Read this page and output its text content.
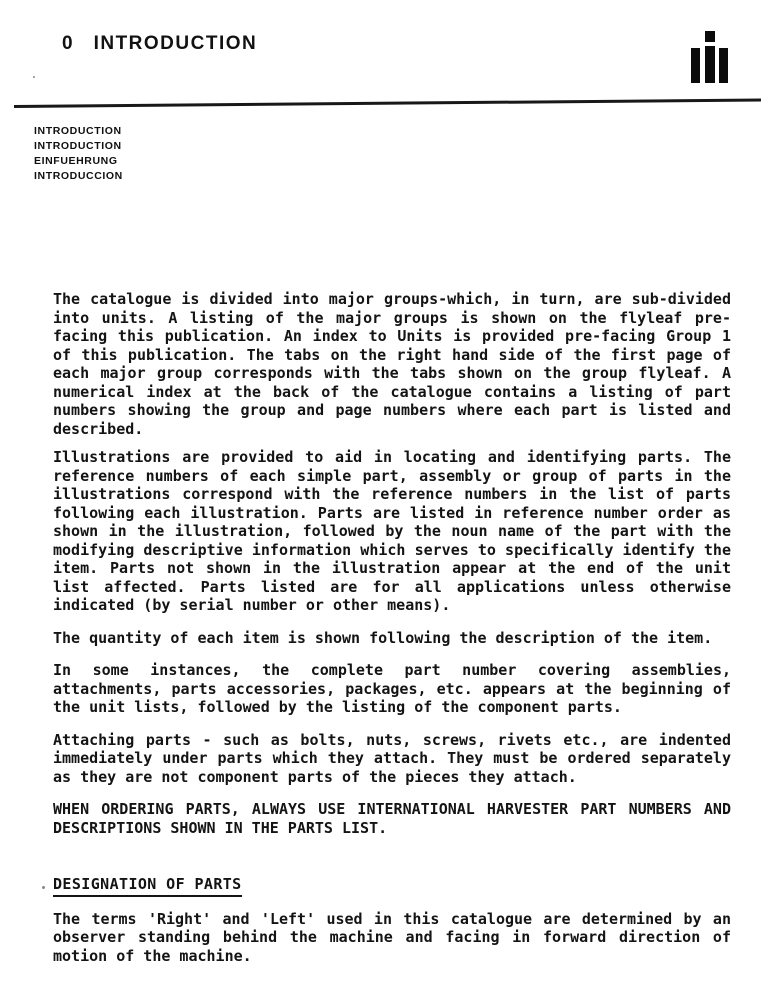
0 INTRODUCTION
INTRODUCTION
INTRODUCTION
EINFUEHRUNG
INTRODUCCION

The catalogue is divided into major groups-which, in turn, are sub-divided into units. A listing of the major groups is shown on the flyleaf pre-facing this publication. An index to Units is provided pre-facing Group 1 of this publication. The tabs on the right hand side of the first page of each major group corresponds with the tabs shown on the group flyleaf. A numerical index at the back of the catalogue contains a listing of part numbers showing the group and page numbers where each part is listed and described.

Illustrations are provided to aid in locating and identifying parts. The reference numbers of each simple part, assembly or group of parts in the illustrations correspond with the reference numbers in the list of parts following each illustration. Parts are listed in reference number order as shown in the illustration, followed by the noun name of the part with the modifying descriptive information which serves to specifically identify the item. Parts not shown in the illustration appear at the end of the unit list affected. Parts listed are for all applications unless otherwise indicated (by serial number or other means).

The quantity of each item is shown following the description of the item.

In some instances, the complete part number covering assemblies, attachments, parts accessories, packages, etc. appears at the beginning of the unit lists, followed by the listing of the component parts.

Attaching parts - such as bolts, nuts, screws, rivets etc., are indented immediately under parts which they attach. They must be ordered separately as they are not component parts of the pieces they attach.

WHEN ORDERING PARTS, ALWAYS USE INTERNATIONAL HARVESTER PART NUMBERS AND DESCRIPTIONS SHOWN IN THE PARTS LIST.

DESIGNATION OF PARTS

The terms 'Right' and 'Left' used in this catalogue are determined by an observer standing behind the machine and facing in forward direction of motion of the machine.
